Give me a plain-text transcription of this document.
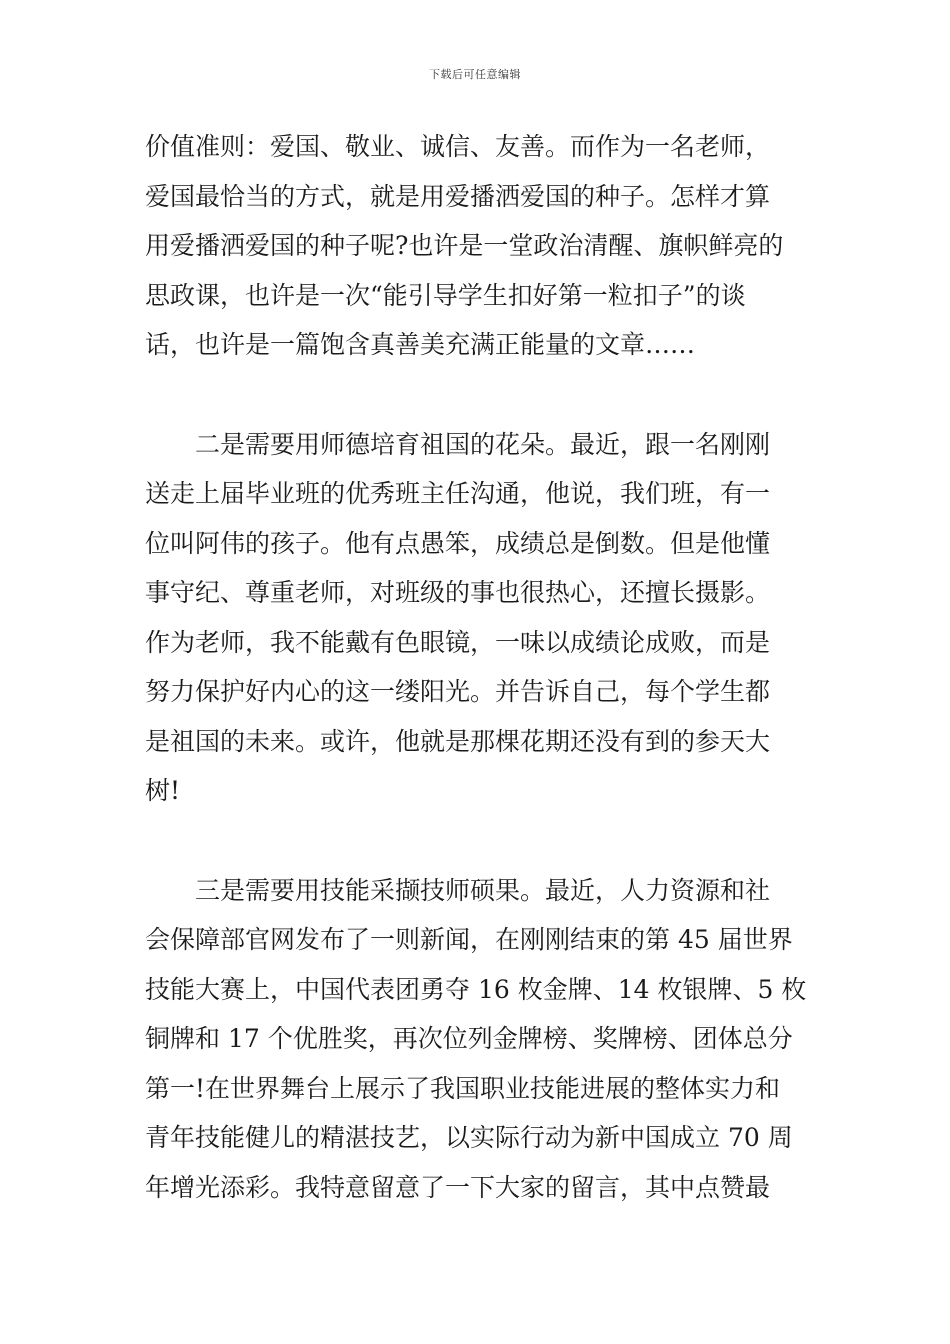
下载后可任意编辑
价值准则：爱国、敬业、诚信、友善。而作为一名老师，
爱国最恰当的方式，就是用爱播洒爱国的种子。怎样才算
用爱播洒爱国的种子呢?也许是一堂政治清醒、旗帜鲜亮的
思政课，也许是一次“能引导学生扣好第一粒扣子”的谈
话，也许是一篇饱含真善美充满正能量的文章……
　　二是需要用师德培育祖国的花朵。最近，跟一名刚刚
送走上届毕业班的优秀班主任沟通，他说，我们班，有一
位叫阿伟的孩子。他有点愚笨，成绩总是倒数。但是他懂
事守纪、尊重老师，对班级的事也很热心，还擅长摄影。
作为老师，我不能戴有色眼镜，一味以成绩论成败，而是
努力保护好内心的这一缕阳光。并告诉自己，每个学生都
是祖国的未来。或许，他就是那棵花期还没有到的参天大
树!
　　三是需要用技能采撷技师硕果。最近，人力资源和社
会保障部官网发布了一则新闻，在刚刚结束的第 45 届世界
技能大赛上，中国代表团勇夺 16 枚金牌、14 枚银牌、5 枚
铜牌和 17 个优胜奖，再次位列金牌榜、奖牌榜、团体总分
第一!在世界舞台上展示了我国职业技能进展的整体实力和
青年技能健儿的精湛技艺，以实际行动为新中国成立 70 周
年增光添彩。我特意留意了一下大家的留言，其中点赞最
